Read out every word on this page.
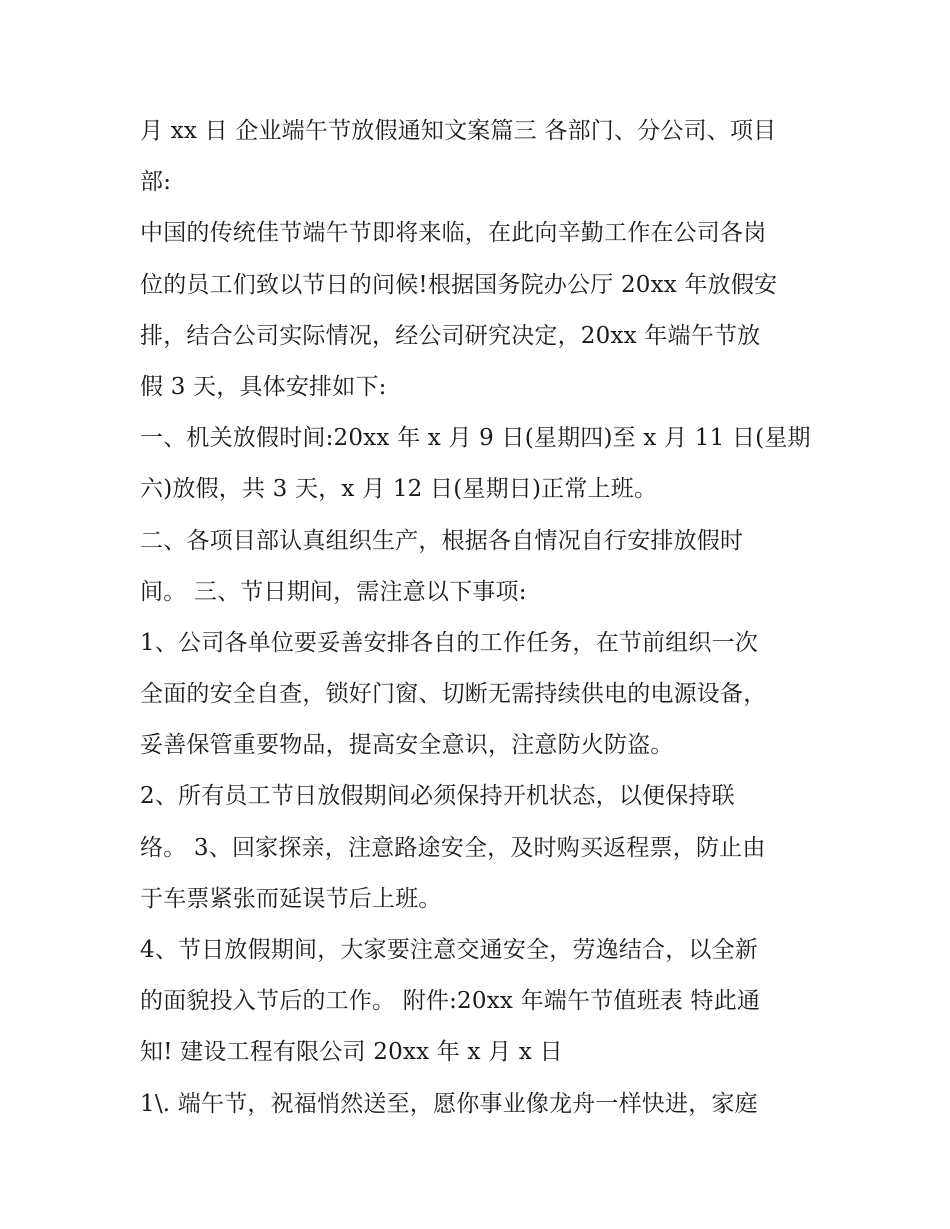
月 xx 日 企业端午节放假通知文案篇三 各部门、分公司、项目
部:
中国的传统佳节端午节即将来临，在此向辛勤工作在公司各岗
位的员工们致以节日的问候!根据国务院办公厅 20xx 年放假安
排，结合公司实际情况，经公司研究决定，20xx 年端午节放
假 3 天，具体安排如下:
一、机关放假时间:20xx 年 x 月 9 日(星期四)至 x 月 11 日(星期
六)放假，共 3 天，x 月 12 日(星期日)正常上班。
二、各项目部认真组织生产，根据各自情况自行安排放假时
间。 三、节日期间，需注意以下事项:
1、公司各单位要妥善安排各自的工作任务，在节前组织一次
全面的安全自查，锁好门窗、切断无需持续供电的电源设备，
妥善保管重要物品，提高安全意识，注意防火防盗。
2、所有员工节日放假期间必须保持开机状态，以便保持联
络。 3、回家探亲，注意路途安全，及时购买返程票，防止由
于车票紧张而延误节后上班。
4、节日放假期间，大家要注意交通安全，劳逸结合，以全新
的面貌投入节后的工作。 附件:20xx 年端午节值班表 特此通
知! 建设工程有限公司 20xx 年 x 月 x 日
1\. 端午节，祝福悄然送至，愿你事业像龙舟一样快进，家庭
